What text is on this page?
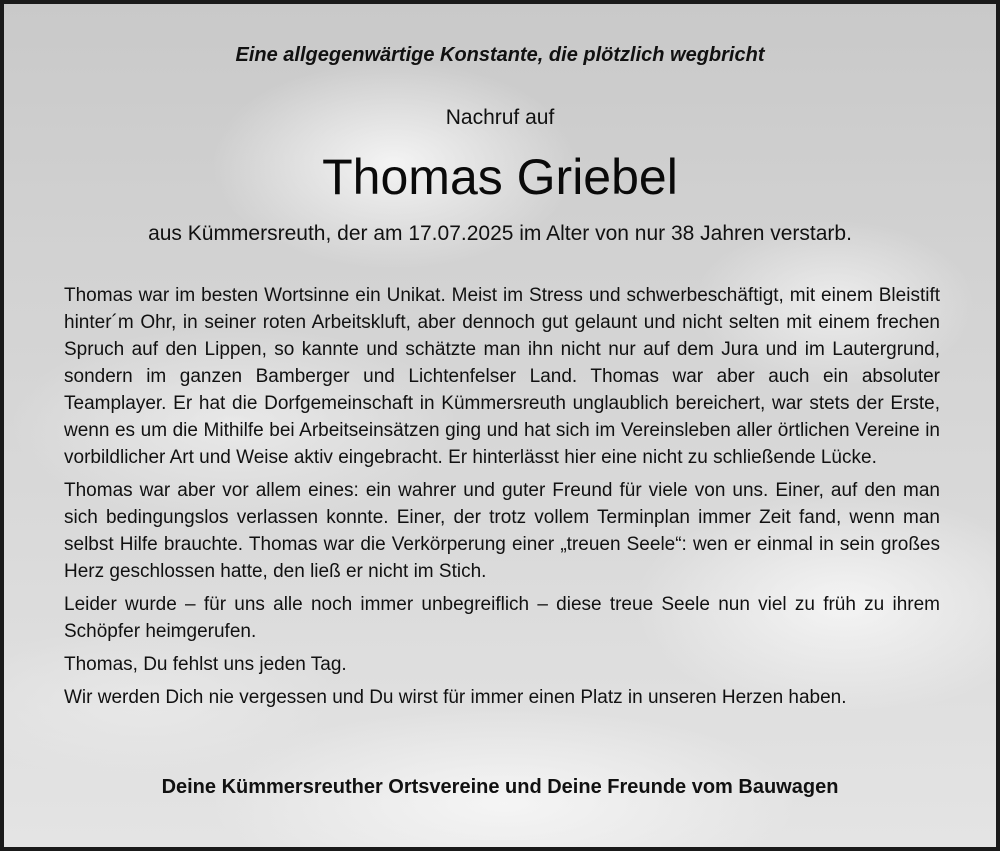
Eine allgegenwärtige Konstante, die plötzlich wegbricht
Nachruf auf
Thomas Griebel
aus Kümmersreuth, der am 17.07.2025 im Alter von nur 38 Jahren verstarb.

Thomas war im besten Wortsinne ein Unikat. Meist im Stress und schwerbeschäftigt, mit einem Bleistift hinter´m Ohr, in seiner roten Arbeitskluft, aber dennoch gut gelaunt und nicht selten mit einem frechen Spruch auf den Lippen, so kannte und schätzte man ihn nicht nur auf dem Jura und im Lautergrund, sondern im ganzen Bamberger und Lichtenfelser Land. Thomas war aber auch ein absoluter Teamplayer. Er hat die Dorfgemeinschaft in Kümmersreuth unglaublich bereichert, war stets der Erste, wenn es um die Mithilfe bei Arbeitseinsätzen ging und hat sich im Vereinsleben aller örtlichen Vereine in vorbildlicher Art und Weise aktiv eingebracht. Er hinterlässt hier eine nicht zu schließende Lücke.

Thomas war aber vor allem eines: ein wahrer und guter Freund für viele von uns. Einer, auf den man sich bedingungslos verlassen konnte. Einer, der trotz vollem Terminplan immer Zeit fand, wenn man selbst Hilfe brauchte. Thomas war die Verkörperung einer „treuen Seele“: wen er einmal in sein großes Herz geschlossen hatte, den ließ er nicht im Stich.

Leider wurde – für uns alle noch immer unbegreiflich – diese treue Seele nun viel zu früh zu ihrem Schöpfer heimgerufen.

Thomas, Du fehlst uns jeden Tag.

Wir werden Dich nie vergessen und Du wirst für immer einen Platz in unseren Herzen haben.

Deine Kümmersreuther Ortsvereine und Deine Freunde vom Bauwagen
